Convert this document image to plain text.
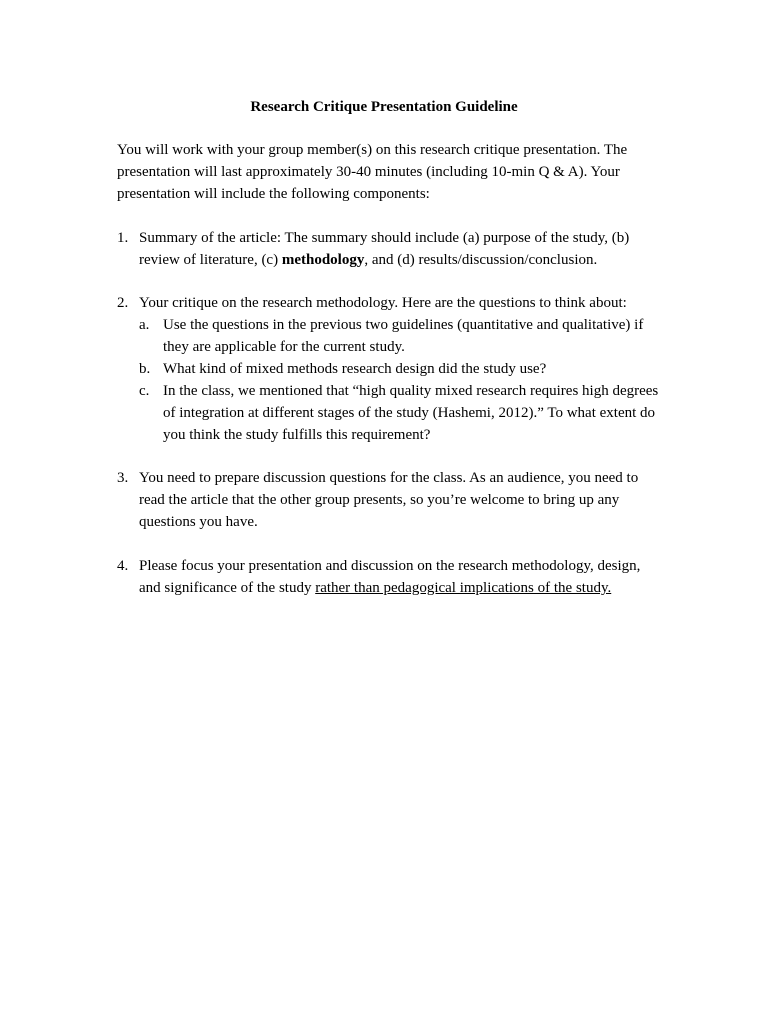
Research Critique Presentation Guideline

You will work with your group member(s) on this research critique presentation. The presentation will last approximately 30-40 minutes (including 10-min Q & A). Your presentation will include the following components:

1. Summary of the article: The summary should include (a) purpose of the study, (b) review of literature, (c) methodology, and (d) results/discussion/conclusion.
2. Your critique on the research methodology. Here are the questions to think about:
a. Use the questions in the previous two guidelines (quantitative and qualitative) if they are applicable for the current study.
b. What kind of mixed methods research design did the study use?
c. In the class, we mentioned that “high quality mixed research requires high degrees of integration at different stages of the study (Hashemi, 2012).” To what extent do you think the study fulfills this requirement?
3. You need to prepare discussion questions for the class. As an audience, you need to read the article that the other group presents, so you’re welcome to bring up any questions you have.
4. Please focus your presentation and discussion on the research methodology, design, and significance of the study rather than pedagogical implications of the study.
